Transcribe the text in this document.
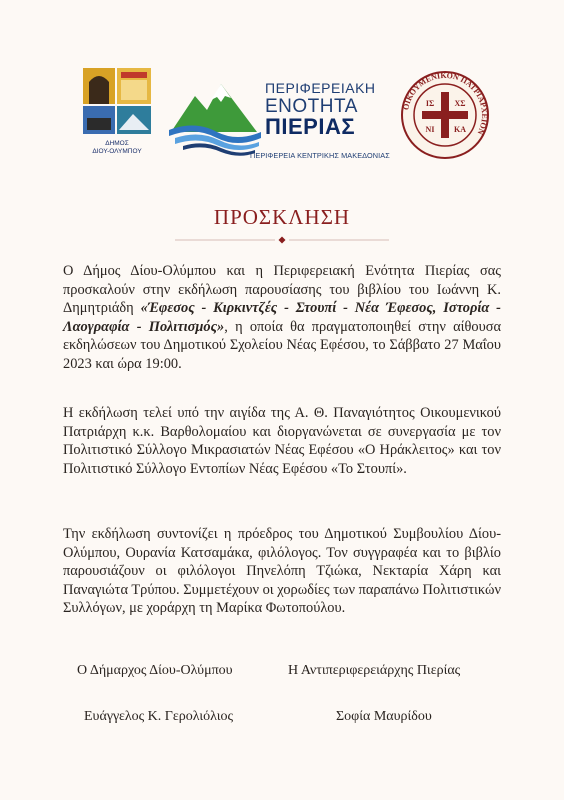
ΔΗΜΟΣ
ΔΙΟΥ-ΟΛΥΜΠΟΥ
ΠΕΡΙΦΕΡΕΙΑΚΗ
ΕΝΟΤΗΤΑ
ΠΙΕΡΙΑΣ
ΠΕΡΙΦΕΡΕΙΑ ΚΕΝΤΡΙΚΗΣ ΜΑΚΕΔΟΝΙΑΣ
ΟΙΚΟΥΜΕΝΙΚΟΝ ΠΑΤΡΙΑΡΧΕΙΟΝ
ΙΣ	ΧΣ
ΝΙ ΚΑ
ΠΡΟΣΚΛΗΣΗ
Ο Δήμος Δίου-Ολύμπου και η Περιφερειακή Ενότητα Πιερίας σας προσκαλούν στην εκδήλωση παρουσίασης του βιβλίου του Ιωάννη Κ. Δημητριάδη «Έφεσος - Κιρκιντζές - Στουπί - Νέα Έφεσος, Ιστορία - Λαογραφία - Πολιτισμός», η οποία θα πραγματοποιηθεί στην αίθουσα εκδηλώσεων του Δημοτικού Σχολείου Νέας Εφέσου, το Σάββατο 27 Μαΐου 2023 και ώρα 19:00.
Η εκδήλωση τελεί υπό την αιγίδα της Α. Θ. Παναγιότητος Οικουμενικού Πατριάρχη κ.κ. Βαρθολομαίου και διοργανώνεται σε συνεργασία με τον Πολιτιστικό Σύλλογο Μικρασιατών Νέας Εφέσου «Ο Ηράκλειτος» και τον Πολιτιστικό Σύλλογο Εντοπίων Νέας Εφέσου «Το Στουπί».
Την εκδήλωση συντονίζει η πρόεδρος του Δημοτικού Συμβουλίου Δίου-Ολύμπου, Ουρανία Κατσαμάκα, φιλόλογος. Τον συγγραφέα και το βιβλίο παρουσιάζουν οι φιλόλογοι Πηνελόπη Τζιώκα, Νεκταρία Χάρη και Παναγιώτα Τρύπου. Συμμετέχουν οι χορωδίες των παραπάνω Πολιτιστικών Συλλόγων, με χοράρχη τη Μαρίκα Φωτοπούλου.
Ο Δήμαρχος Δίου-Ολύμπου	Η Αντιπεριφερειάρχης Πιερίας
Ευάγγελος Κ. Γερολιόλιος	Σοφία Μαυρίδου
